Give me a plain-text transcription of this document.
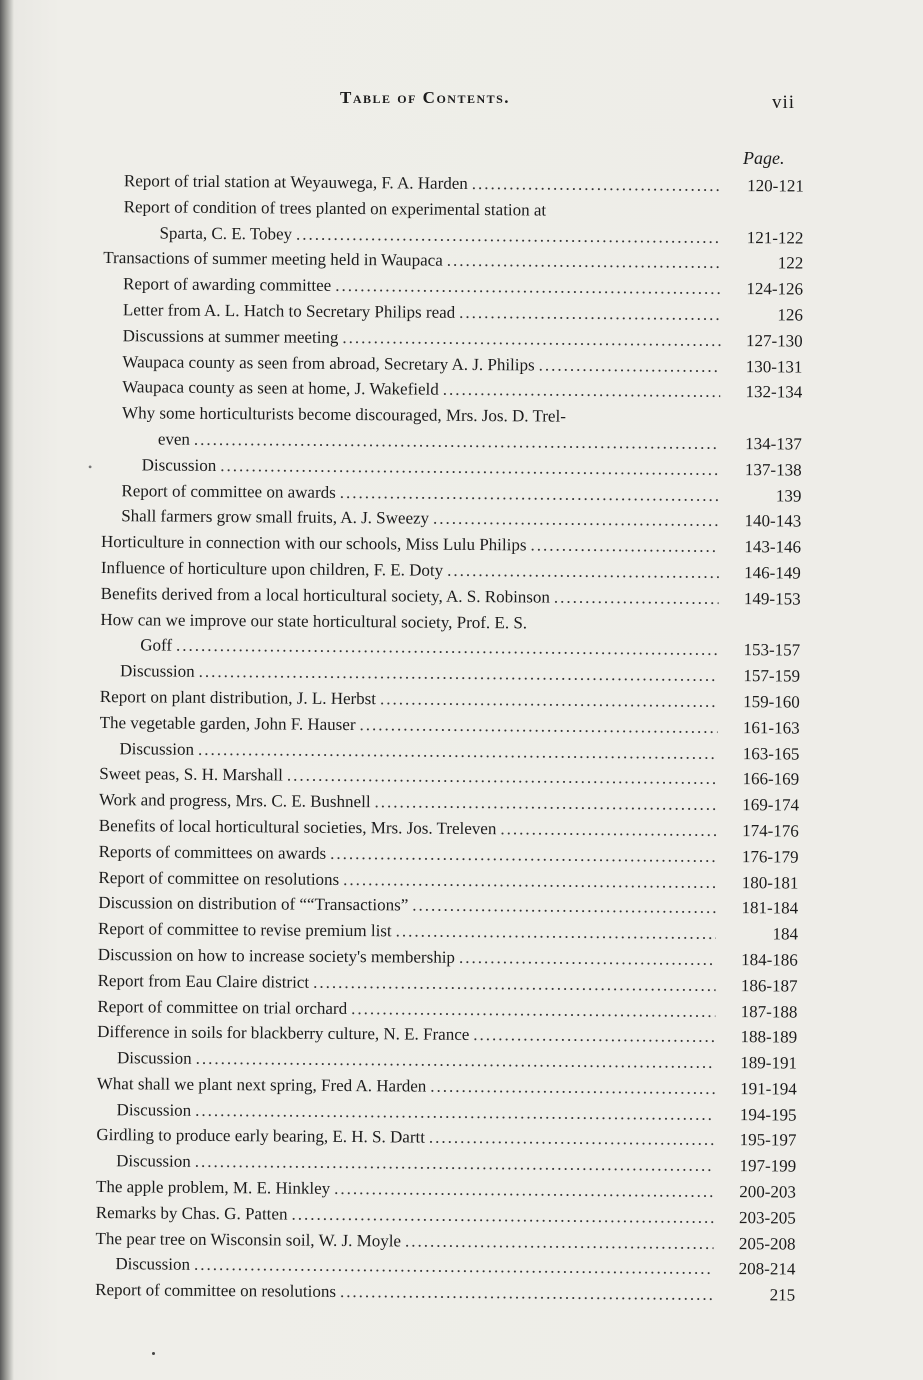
Table of Contents.	vii
Page.
Report of trial station at Weyauwega, F. A. Harden .....	120-121
Report of condition of trees planted on experimental station at
Sparta, C. E. Tobey .....	121-122
Transactions of summer meeting held in Waupaca .....	122
Report of awarding committee .....	124-126
Letter from A. L. Hatch to Secretary Philips read .....	126
Discussions at summer meeting .....	127-130
Waupaca county as seen from abroad, Secretary A. J. Philips .....	130-131
Waupaca county as seen at home, J. Wakefield .....	132-134
Why some horticulturists become discouraged, Mrs. Jos. D. Trel-
even .....	134-137
Discussion .....	137-138
Report of committee on awards .....	139
Shall farmers grow small fruits, A. J. Sweezy .....	140-143
Horticulture in connection with our schools, Miss Lulu Philips .....	143-146
Influence of horticulture upon children, F. E. Doty .....	146-149
Benefits derived from a local horticultural society, A. S. Robinson .....	149-153
How can we improve our state horticultural society, Prof. E. S.
Goff .....	153-157
Discussion .....	157-159
Report on plant distribution, J. L. Herbst .....	159-160
The vegetable garden, John F. Hauser .....	161-163
Discussion .....	163-165
Sweet peas, S. H. Marshall .....	166-169
Work and progress, Mrs. C. E. Bushnell .....	169-174
Benefits of local horticultural societies, Mrs. Jos. Treleven .....	174-176
Reports of committees on awards .....	176-179
Report of committee on resolutions .....	180-181
Discussion on distribution of ““Transactions” .....	181-184
Report of committee to revise premium list .....	184
Discussion on how to increase society's membership .....	184-186
Report from Eau Claire district .....	186-187
Report of committee on trial orchard .....	187-188
Difference in soils for blackberry culture, N. E. France .....	188-189
Discussion .....	189-191
What shall we plant next spring, Fred A. Harden .....	191-194
Discussion .....	194-195
Girdling to produce early bearing, E. H. S. Dartt .....	195-197
Discussion .....	197-199
The apple problem, M. E. Hinkley .....	200-203
Remarks by Chas. G. Patten .....	203-205
The pear tree on Wisconsin soil, W. J. Moyle .....	205-208
Discussion .....	208-214
Report of committee on resolutions .....	215
•
